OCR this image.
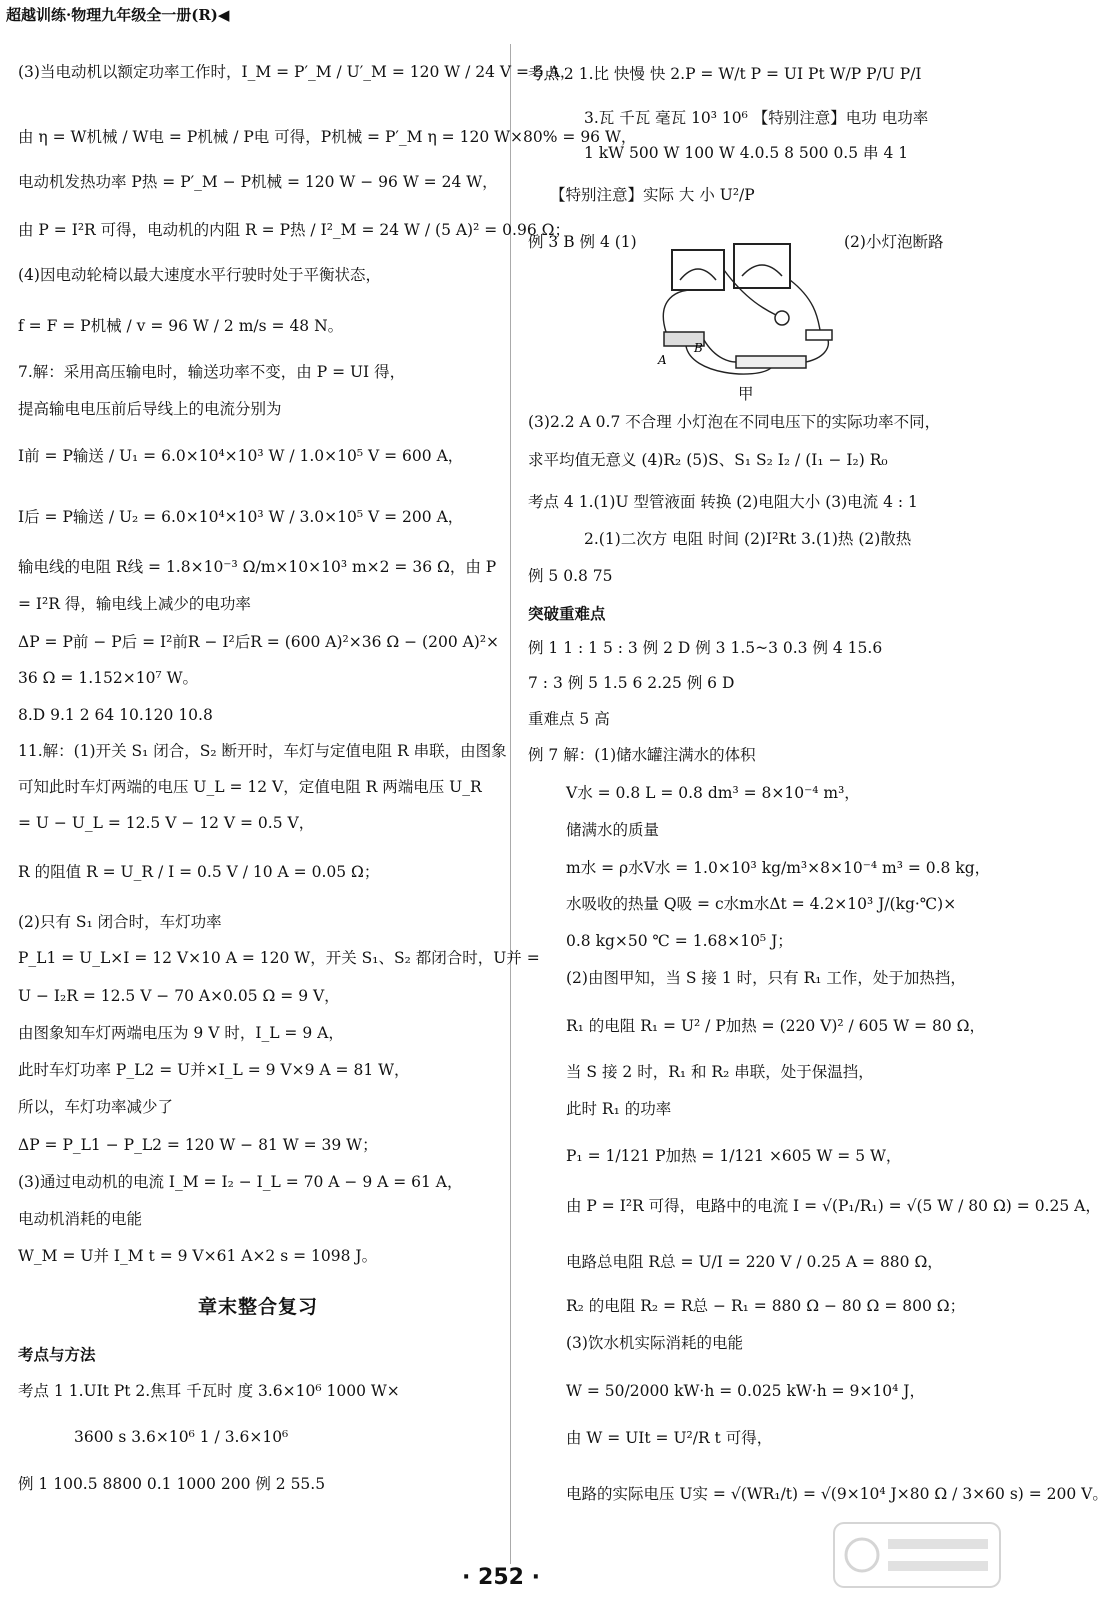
超越训练·物理九年级全一册(R)◀
(3)当电动机以额定功率工作时，I_M = P′_M / U′_M = 120 W / 24 V = 5 A，
由 η = W机械 / W电 = P机械 / P电 可得，P机械 = P′_M η = 120 W×80% = 96 W，
电动机发热功率 P热 = P′_M − P机械 = 120 W − 96 W = 24 W，
由 P = I²R 可得，电动机的内阻 R = P热 / I²_M = 24 W / (5 A)² = 0.96 Ω；
(4)因电动轮椅以最大速度水平行驶时处于平衡状态，
f = F = P机械 / v = 96 W / 2 m/s = 48 N。
7.解：采用高压输电时，输送功率不变，由 P = UI 得，
提高输电电压前后导线上的电流分别为
I前 = P输送 / U₁ = 6.0×10⁴×10³ W / 1.0×10⁵ V = 600 A，
I后 = P输送 / U₂ = 6.0×10⁴×10³ W / 3.0×10⁵ V = 200 A，
输电线的电阻 R线 = 1.8×10⁻³ Ω/m×10×10³ m×2 = 36 Ω，由 P
= I²R 得，输电线上减少的电功率
ΔP = P前 − P后 = I²前R − I²后R = (600 A)²×36 Ω − (200 A)²×
36 Ω = 1.152×10⁷ W。
8.D 9.1 2 64 10.120 10.8
11.解：(1)开关 S₁ 闭合，S₂ 断开时，车灯与定值电阻 R 串联，由图象
可知此时车灯两端的电压 U_L = 12 V，定值电阻 R 两端电压 U_R
= U − U_L = 12.5 V − 12 V = 0.5 V，
R 的阻值 R = U_R / I = 0.5 V / 10 A = 0.05 Ω；
(2)只有 S₁ 闭合时，车灯功率
P_L1 = U_L×I = 12 V×10 A = 120 W，开关 S₁、S₂ 都闭合时，U并 =
U − I₂R = 12.5 V − 70 A×0.05 Ω = 9 V，
由图象知车灯两端电压为 9 V 时，I_L = 9 A，
此时车灯功率 P_L2 = U并×I_L = 9 V×9 A = 81 W，
所以，车灯功率减少了
ΔP = P_L1 − P_L2 = 120 W − 81 W = 39 W；
(3)通过电动机的电流 I_M = I₂ − I_L = 70 A − 9 A = 61 A，
电动机消耗的电能
W_M = U并 I_M t = 9 V×61 A×2 s = 1098 J。
章末整合复习
考点与方法
考点 1 1.UIt Pt 2.焦耳 千瓦时 度 3.6×10⁶ 1000 W×
3600 s 3.6×10⁶ 1 / 3.6×10⁶
例 1 100.5 8800 0.1 1000 200 例 2 55.5
考点 2 1.比 快慢 快 2.P = W/t P = UI Pt W/P P/U P/I
3.瓦 千瓦 毫瓦 10³ 10⁶ 【特别注意】电功 电功率
1 kW 500 W 100 W 4.0.5 8 500 0.5 串 4 1
【特别注意】实际 大 小 U²/P
例 3 B 例 4 (1)	(2)小灯泡断路
A
B
甲
(3)2.2 A 0.7 不合理 小灯泡在不同电压下的实际功率不同，
求平均值无意义 (4)R₂ (5)S、S₁ S₂ I₂ / (I₁ − I₂) R₀
考点 4 1.(1)U 型管液面 转换 (2)电阻大小 (3)电流 4 : 1
2.(1)二次方 电阻 时间 (2)I²Rt 3.(1)热 (2)散热
例 5 0.8 75
突破重难点
例 1 1 : 1 5 : 3 例 2 D 例 3 1.5~3 0.3 例 4 15.6
7 : 3 例 5 1.5 6 2.25 例 6 D
重难点 5 高
例 7 解：(1)储水罐注满水的体积
V水 = 0.8 L = 0.8 dm³ = 8×10⁻⁴ m³，
储满水的质量
m水 = ρ水V水 = 1.0×10³ kg/m³×8×10⁻⁴ m³ = 0.8 kg，
水吸收的热量 Q吸 = c水m水Δt = 4.2×10³ J/(kg·℃)×
0.8 kg×50 ℃ = 1.68×10⁵ J；
(2)由图甲知，当 S 接 1 时，只有 R₁ 工作，处于加热挡，
R₁ 的电阻 R₁ = U² / P加热 = (220 V)² / 605 W = 80 Ω，
当 S 接 2 时，R₁ 和 R₂ 串联，处于保温挡，
此时 R₁ 的功率
P₁ = 1/121 P加热 = 1/121 ×605 W = 5 W，
由 P = I²R 可得，电路中的电流 I = √(P₁/R₁) = √(5 W / 80 Ω) = 0.25 A，
电路总电阻 R总 = U/I = 220 V / 0.25 A = 880 Ω，
R₂ 的电阻 R₂ = R总 − R₁ = 880 Ω − 80 Ω = 800 Ω；
(3)饮水机实际消耗的电能
W = 50/2000 kW·h = 0.025 kW·h = 9×10⁴ J，
由 W = UIt = U²/R t 可得，
电路的实际电压 U实 = √(WR₁/t) = √(9×10⁴ J×80 Ω / 3×60 s) = 200 V。
· 252 ·
